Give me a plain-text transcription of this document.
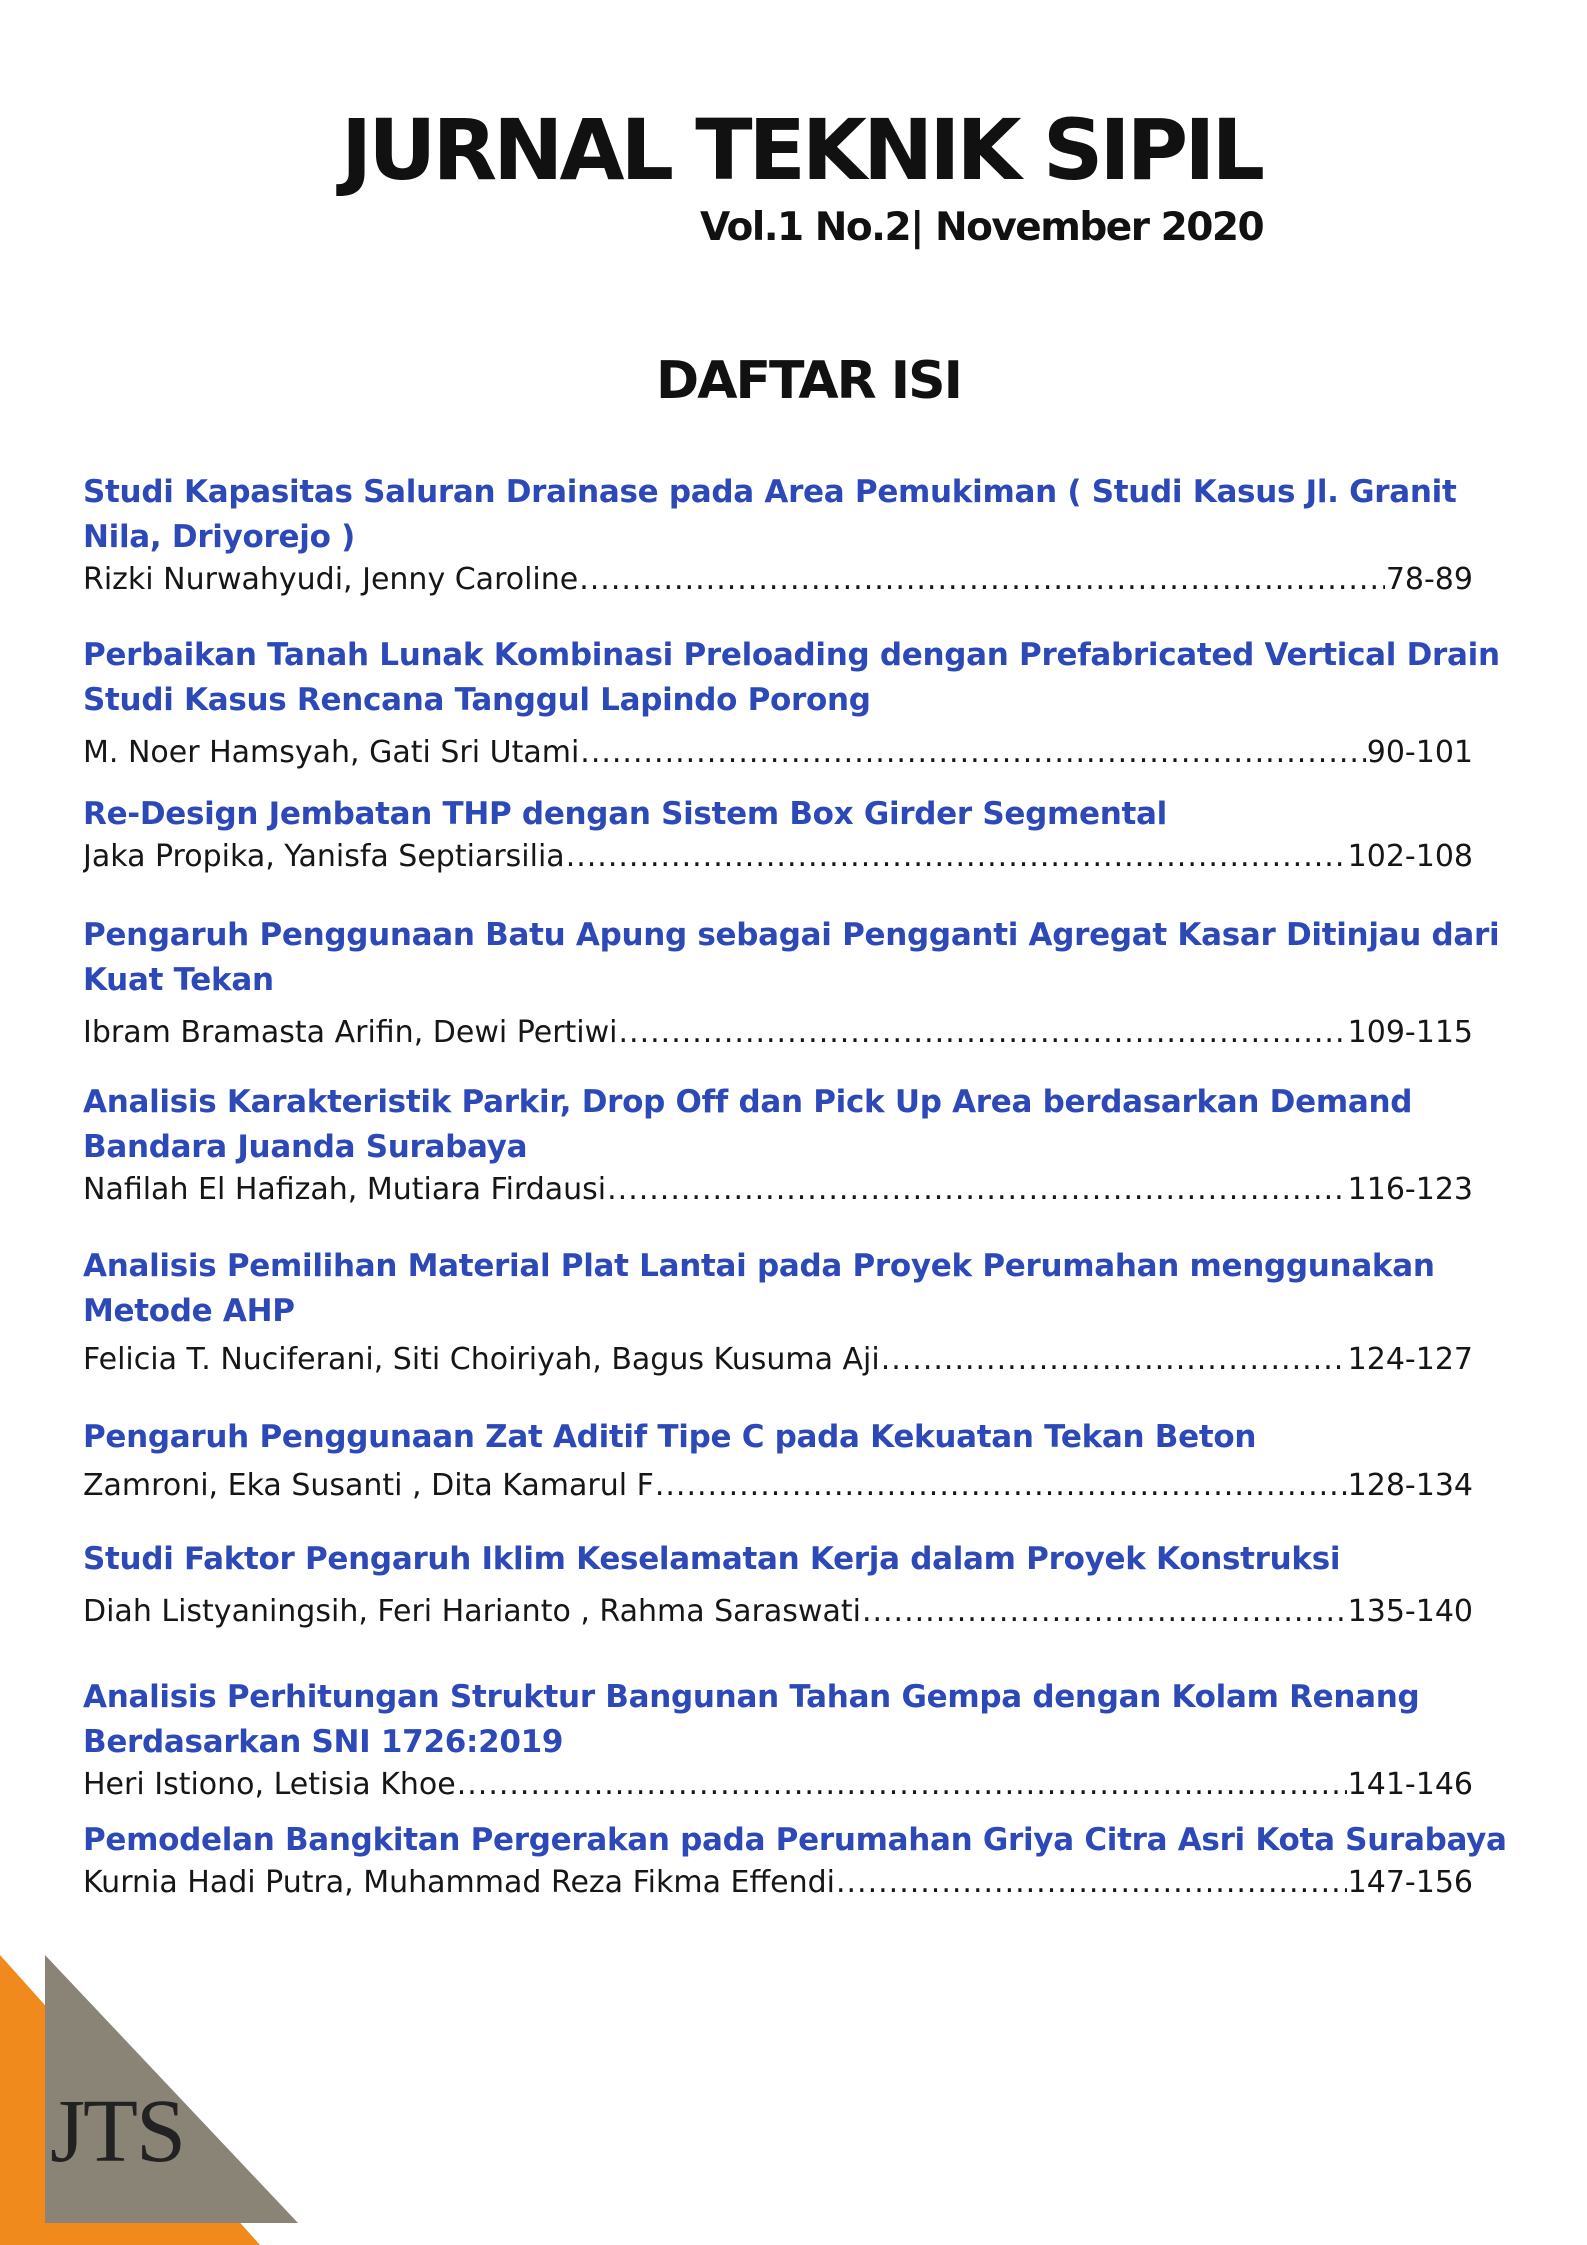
JURNAL TEKNIK SIPIL
Vol.1 No.2| November 2020
DAFTAR ISI
Studi Kapasitas Saluran Drainase pada Area Pemukiman ( Studi Kasus Jl. Granit Nila, Driyorejo )
Rizki Nurwahyudi, Jenny Caroline .....	78-89
Perbaikan Tanah Lunak Kombinasi Preloading dengan Prefabricated Vertical Drain Studi Kasus Rencana Tanggul Lapindo Porong
M. Noer Hamsyah, Gati Sri Utami .....	90-101
Re-Design Jembatan THP dengan Sistem Box Girder Segmental
Jaka Propika, Yanisfa Septiarsilia .....	102-108
Pengaruh Penggunaan Batu Apung sebagai Pengganti Agregat Kasar Ditinjau dari Kuat Tekan
Ibram Bramasta Arifin, Dewi Pertiwi .....	109-115
Analisis Karakteristik Parkir, Drop Off dan Pick Up Area berdasarkan Demand Bandara Juanda Surabaya
Nafilah El Hafizah, Mutiara Firdausi .....	116-123
Analisis Pemilihan Material Plat Lantai pada Proyek Perumahan menggunakan Metode AHP
Felicia T. Nuciferani, Siti Choiriyah, Bagus Kusuma Aji .....	124-127
Pengaruh Penggunaan Zat Aditif Tipe C pada Kekuatan Tekan Beton
Zamroni, Eka Susanti , Dita Kamarul F .....	128-134
Studi Faktor Pengaruh Iklim Keselamatan Kerja dalam Proyek Konstruksi
Diah Listyaningsih, Feri Harianto , Rahma Saraswati .....	135-140
Analisis Perhitungan Struktur Bangunan Tahan Gempa dengan Kolam Renang Berdasarkan SNI 1726:2019
Heri Istiono, Letisia Khoe .....	141-146
Pemodelan Bangkitan Pergerakan pada Perumahan Griya Citra Asri Kota Surabaya
Kurnia Hadi Putra, Muhammad Reza Fikma Effendi .....	147-156
JTS
